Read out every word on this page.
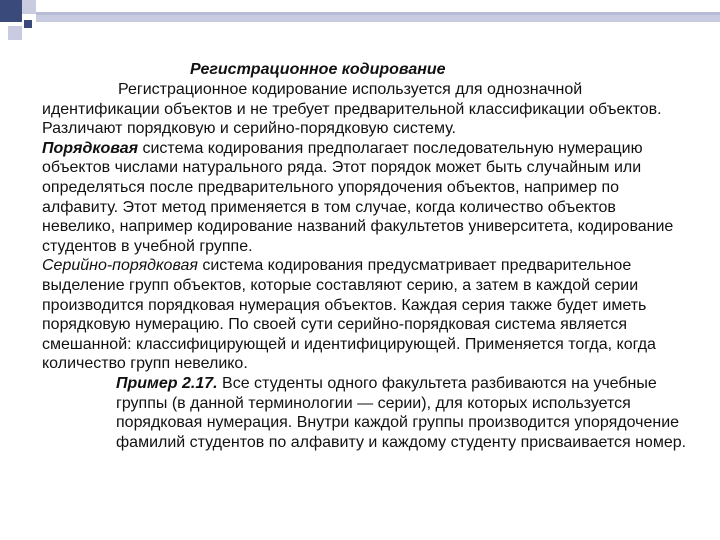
Регистрационное кодирование

Регистрационное кодирование используется для однозначной идентификации объектов и не требует предварительной классификации объектов. Различают порядковую и серийно-порядковую систему.

Порядковая система кодирования предполагает последовательную нумерацию объектов числами натурального ряда. Этот порядок может быть случайным или определяться после предварительного упорядочения объектов, например по алфавиту. Этот метод применяется в том случае, когда количество объектов невелико, например кодирование названий факультетов университета, кодирование студентов в учебной группе.

Серийно-порядковая система кодирования предусматривает предварительное выделение групп объектов, которые составляют серию, а затем в каждой серии производится порядковая нумерация объектов. Каждая серия также будет иметь порядковую нумерацию. По своей сути серийно-порядковая система является смешанной: классифицирующей и идентифицирующей. Применяется тогда, когда количество групп невелико.

Пример 2.17. Все студенты одного факультета разбиваются на учебные группы (в данной терминологии — серии), для которых используется порядковая нумерация. Внутри каждой группы производится упорядочение фамилий студентов по алфавиту и каждому студенту присваивается номер.
